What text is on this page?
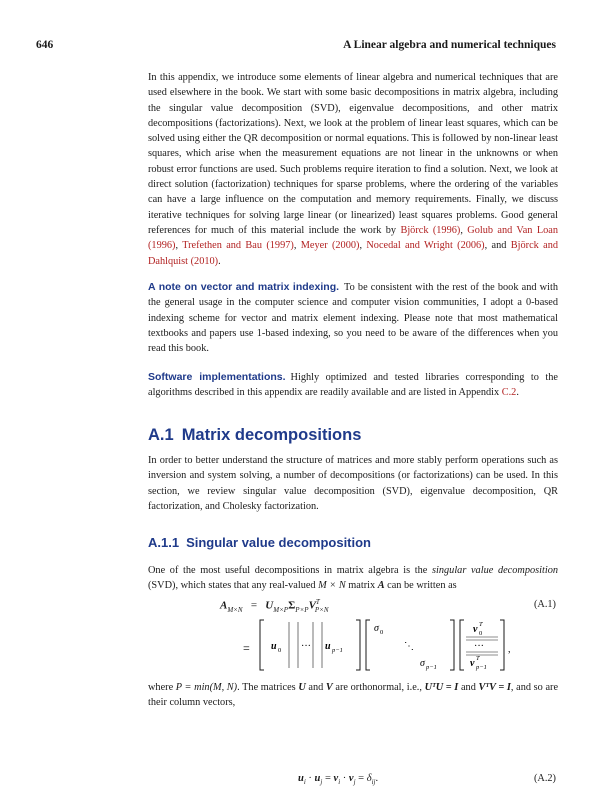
646	A Linear algebra and numerical techniques

In this appendix, we introduce some elements of linear algebra and numerical techniques that are used elsewhere in the book. We start with some basic decompositions in matrix algebra, including the singular value decomposition (SVD), eigenvalue decompositions, and other matrix decompositions (factorizations). Next, we look at the problem of linear least squares, which can be solved using either the QR decomposition or normal equations. This is followed by non-linear least squares, which arise when the measurement equations are not linear in the unknowns or when robust error functions are used. Such problems require iteration to find a solution. Next, we look at direct solution (factorization) techniques for sparse problems, where the ordering of the variables can have a large influence on the computation and memory requirements. Finally, we discuss iterative techniques for solving large linear (or linearized) least squares problems. Good general references for much of this material include the work by Björck (1996), Golub and Van Loan (1996), Trefethen and Bau (1997), Meyer (2000), Nocedal and Wright (2006), and Björck and Dahlquist (2010).

A note on vector and matrix indexing. To be consistent with the rest of the book and with the general usage in the computer science and computer vision communities, I adopt a 0-based indexing scheme for vector and matrix element indexing. Please note that most mathematical textbooks and papers use 1-based indexing, so you need to be aware of the differences when you read this book.

Software implementations. Highly optimized and tested libraries corresponding to the algorithms described in this appendix are readily available and are listed in Appendix C.2.

A.1 Matrix decompositions

In order to better understand the structure of matrices and more stably perform operations such as inversion and system solving, a number of decompositions (or factorizations) can be used. In this section, we review singular value decomposition (SVD), eigenvalue decomposition, QR factorization, and Cholesky factorization.

A.1.1 Singular value decomposition

One of the most useful decompositions in matrix algebra is the singular value decomposition (SVD), which states that any real-valued M × N matrix A can be written as

$A_{M\times N} = U_{M\times P}\Sigma_{P\times P}V^T_{P\times N}$	(A.1)
= u 0 ··· u p−1
σ 0
⋱
σ p−1
v T
0
···
v T
p−1
,

where P = min(M, N). The matrices U and V are orthonormal, i.e., UᵀU = I and VᵀV = I, and so are their column vectors,

$u_i \cdot u_j = v_i \cdot v_j = \delta_{ij}$.	(A.2)
